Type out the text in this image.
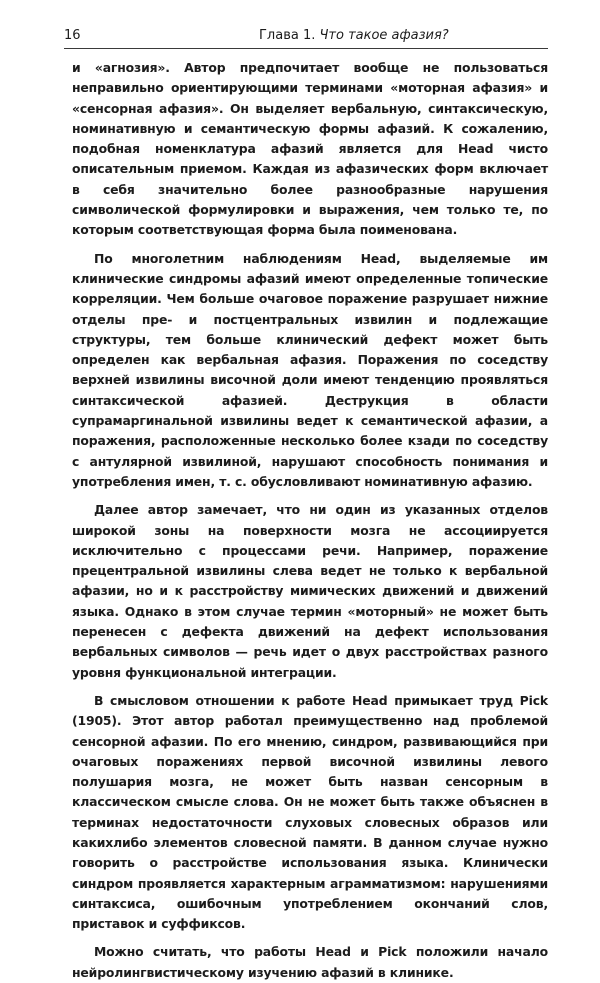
16	Глава 1. Что такое афазия?

и «агнозия». Автор предпочитает вообще не пользоваться неправильно ориентирующими терминами «моторная афазия» и «сенсорная афазия». Он выделяет вербальную, синтаксическую, номинативную и семантическую формы афазий. К сожалению, подобная номенклатура афазий является для Head чисто описательным приемом. Каждая из афазических форм включает в себя значительно более разнообразные нарушения символической формулировки и выражения, чем только те, по которым соответствующая форма была поименована.

По многолетним наблюдениям Head, выделяемые им клинические синдромы афазий имеют определенные топические корреляции. Чем больше очаговое поражение разрушает нижние отделы пре- и постцентральных извилин и подлежащие структуры, тем больше клинический дефект может быть определен как вербальная афазия. Поражения по соседству верхней извилины височной доли имеют тенденцию проявляться синтаксической афазией. Деструкция в области супрамаргинальной извилины ведет к семантической афазии, а поражения, расположенные несколько более кзади по соседству с антулярной извилиной, нарушают способность понимания и употребления имен, т. с. обусловливают номинативную афазию.

Далее автор замечает, что ни один из указанных отделов широкой зоны на поверхности мозга не ассоциируется исключительно с процессами речи. Например, поражение прецентральной извилины слева ведет не только к вербальной афазии, но и к расстройству мимических движений и движений языка. Однако в этом случае термин «моторный» не может быть перенесен с дефекта движений на дефект использования вербальных символов — речь идет о двух расстройствах разного уровня функциональной интеграции.

В смысловом отношении к работе Head примыкает труд Pick (1905). Этот автор работал преимущественно над проблемой сенсорной афазии. По его мнению, синдром, развивающийся при очаговых поражениях первой височной извилины левого полушария мозга, не может быть назван сенсорным в классическом смысле слова. Он не может быть также объяснен в терминах недостаточности слуховых словесных образов или какихлибо элементов словесной памяти. В данном случае нужно говорить о расстройстве использования языка. Клинически синдром проявляется характерным аграмматизмом: нарушениями синтаксиса, ошибочным употреблением окончаний слов, приставок и суффиксов.

Можно считать, что работы Head и Pick положили начало нейролингвистическому изучению афазий в клинике.
